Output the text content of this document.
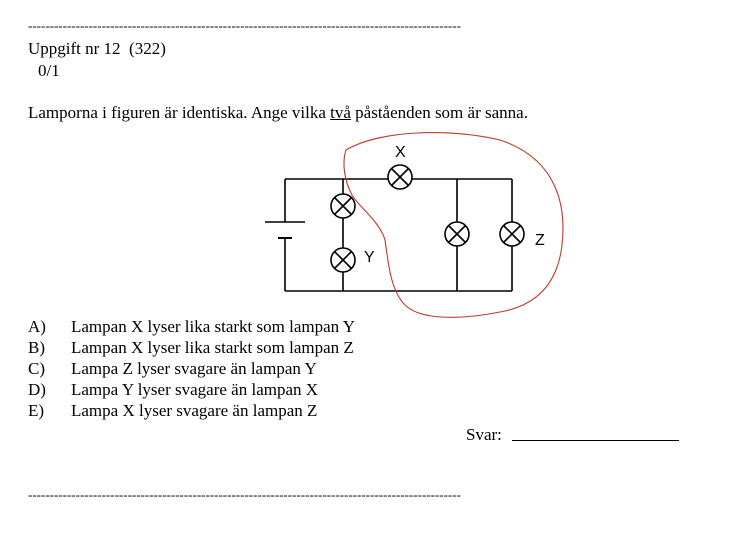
----------------------------------------------------------------------------------------------------
Uppgift nr 12  (322)
0/1
Lamporna i figuren är identiska. Ange vilka två påståenden som är sanna.
X
Y
Z
A)	Lampan X lyser lika starkt som lampan Y
B)	Lampan X lyser lika starkt som lampan Z
C)	Lampa Z lyser svagare än lampan Y
D)	Lampa Y lyser svagare än lampan X
E)	Lampa X lyser svagare än lampan Z
Svar:
----------------------------------------------------------------------------------------------------
